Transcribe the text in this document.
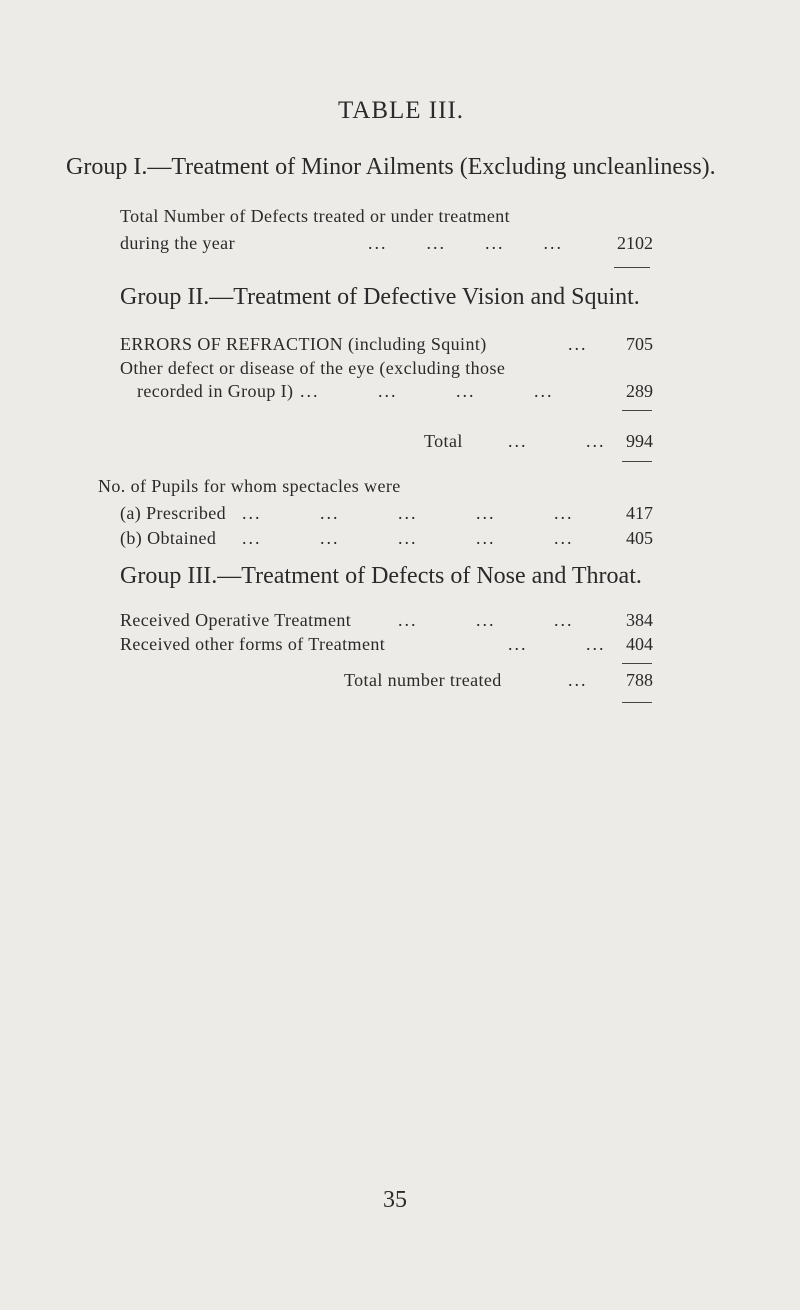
TABLE III.
Group I.—Treatment of Minor Ailments (Excluding uncleanliness).
Total Number of Defects treated or under treatment
during the year	...      ...      ...      ...	2102
Group II.—Treatment of Defective Vision and Squint.
ERRORS OF REFRACTION (including Squint)	...	705
Other defect or disease of the eye (excluding those
recorded in Group I) ...         ...         ...         ...	289
Total	...         ...	994
No. of Pupils for whom spectacles were
(a) Prescribed ...         ...         ...         ...         ...	417
(b) Obtained ...         ...         ...         ...         ...	405
Group III.—Treatment of Defects of Nose and Throat.
Received Operative Treatment	...         ...         ...	384
Received other forms of Treatment	...         ...	404
Total number treated	...	788
35
